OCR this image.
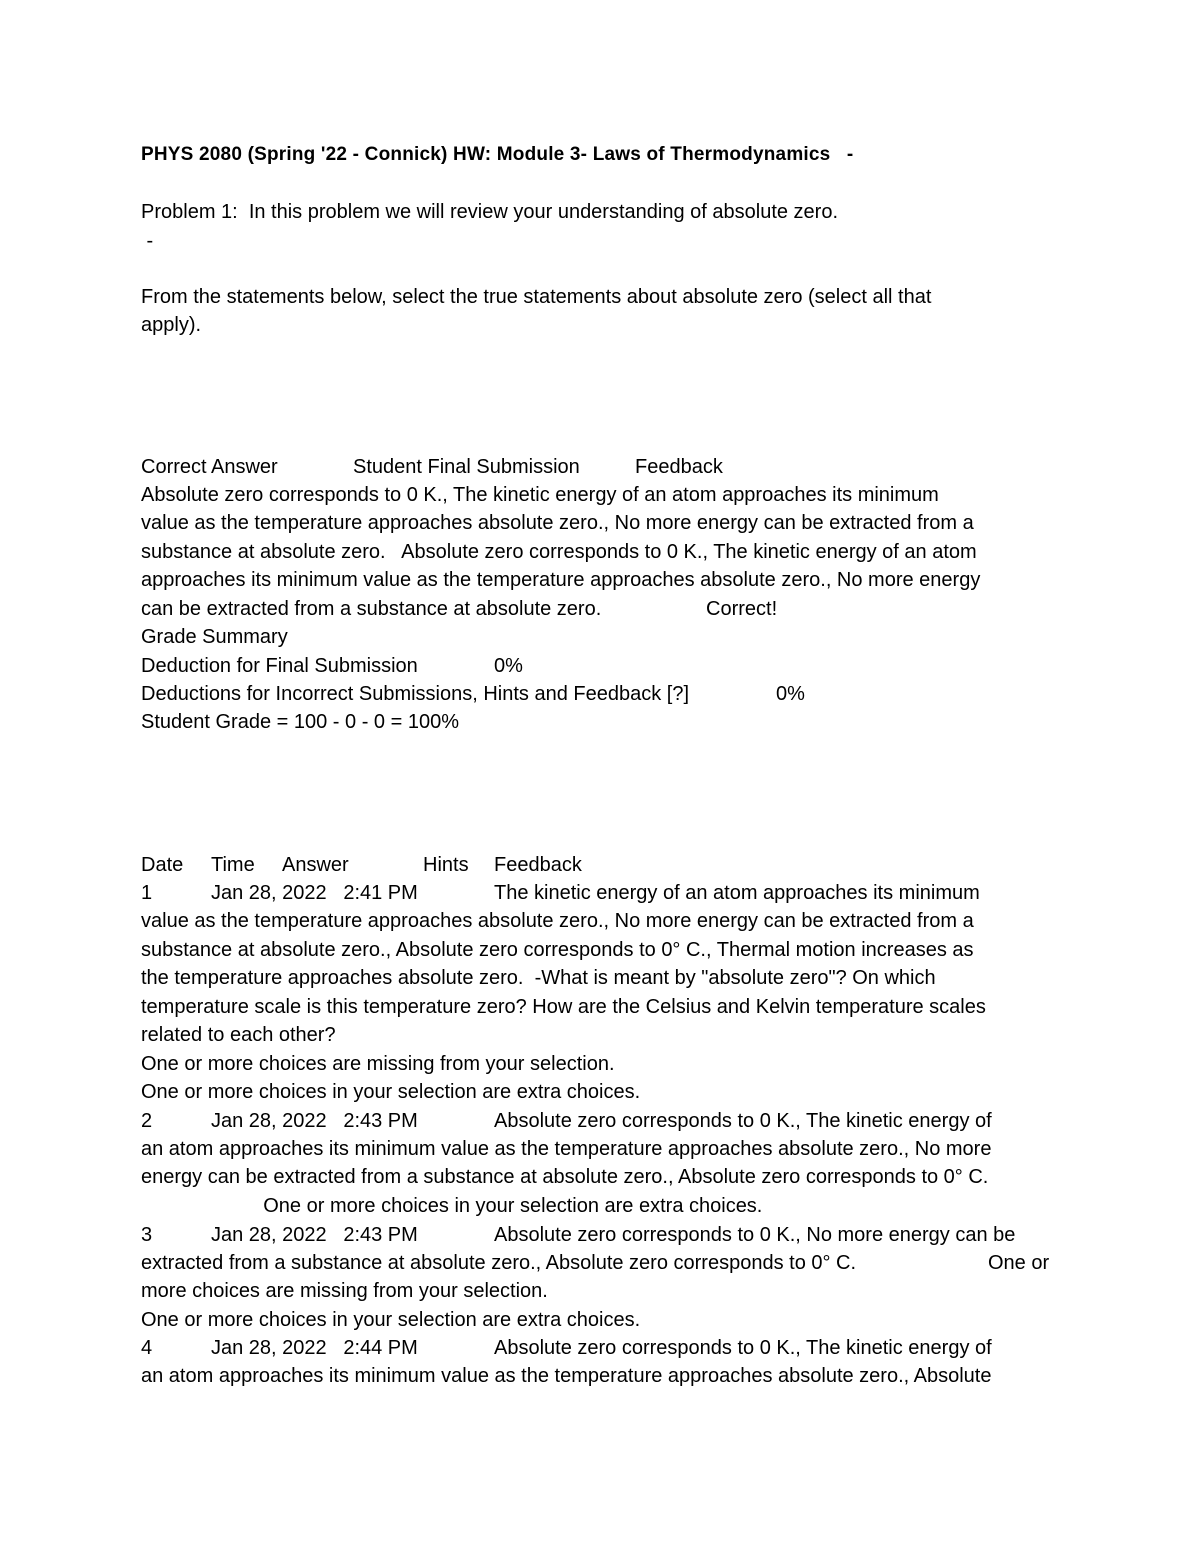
PHYS 2080 (Spring '22 - Connick) HW: Module 3- Laws of Thermodynamics   -

Problem 1:  In this problem we will review your understanding of absolute zero.

-

From the statements below, select the true statements about absolute zero (select all that

apply).

Correct Answer	Student Final Submission	Feedback

Absolute zero corresponds to 0 K., The kinetic energy of an atom approaches its minimum

value as the temperature approaches absolute zero., No more energy can be extracted from a

substance at absolute zero.   Absolute zero corresponds to 0 K., The kinetic energy of an atom

approaches its minimum value as the temperature approaches absolute zero., No more energy

can be extracted from a substance at absolute zero.	Correct!

Grade Summary

Deduction for Final Submission	0%

Deductions for Incorrect Submissions, Hints and Feedback [?]	0%

Student Grade = 100 - 0 - 0 = 100%

Date Time Answer	Hints Feedback

1	Jan 28, 2022   2:41 PM	The kinetic energy of an atom approaches its minimum

value as the temperature approaches absolute zero., No more energy can be extracted from a

substance at absolute zero., Absolute zero corresponds to 0° C., Thermal motion increases as

the temperature approaches absolute zero.  -What is meant by "absolute zero"? On which

temperature scale is this temperature zero? How are the Celsius and Kelvin temperature scales

related to each other?

One or more choices are missing from your selection.

One or more choices in your selection are extra choices.

2	Jan 28, 2022   2:43 PM	Absolute zero corresponds to 0 K., The kinetic energy of

an atom approaches its minimum value as the temperature approaches absolute zero., No more

energy can be extracted from a substance at absolute zero., Absolute zero corresponds to 0° C.

One or more choices in your selection are extra choices.

3	Jan 28, 2022   2:43 PM	Absolute zero corresponds to 0 K., No more energy can be

extracted from a substance at absolute zero., Absolute zero corresponds to 0° C.	One or

more choices are missing from your selection.

One or more choices in your selection are extra choices.

4	Jan 28, 2022   2:44 PM	Absolute zero corresponds to 0 K., The kinetic energy of

an atom approaches its minimum value as the temperature approaches absolute zero., Absolute
